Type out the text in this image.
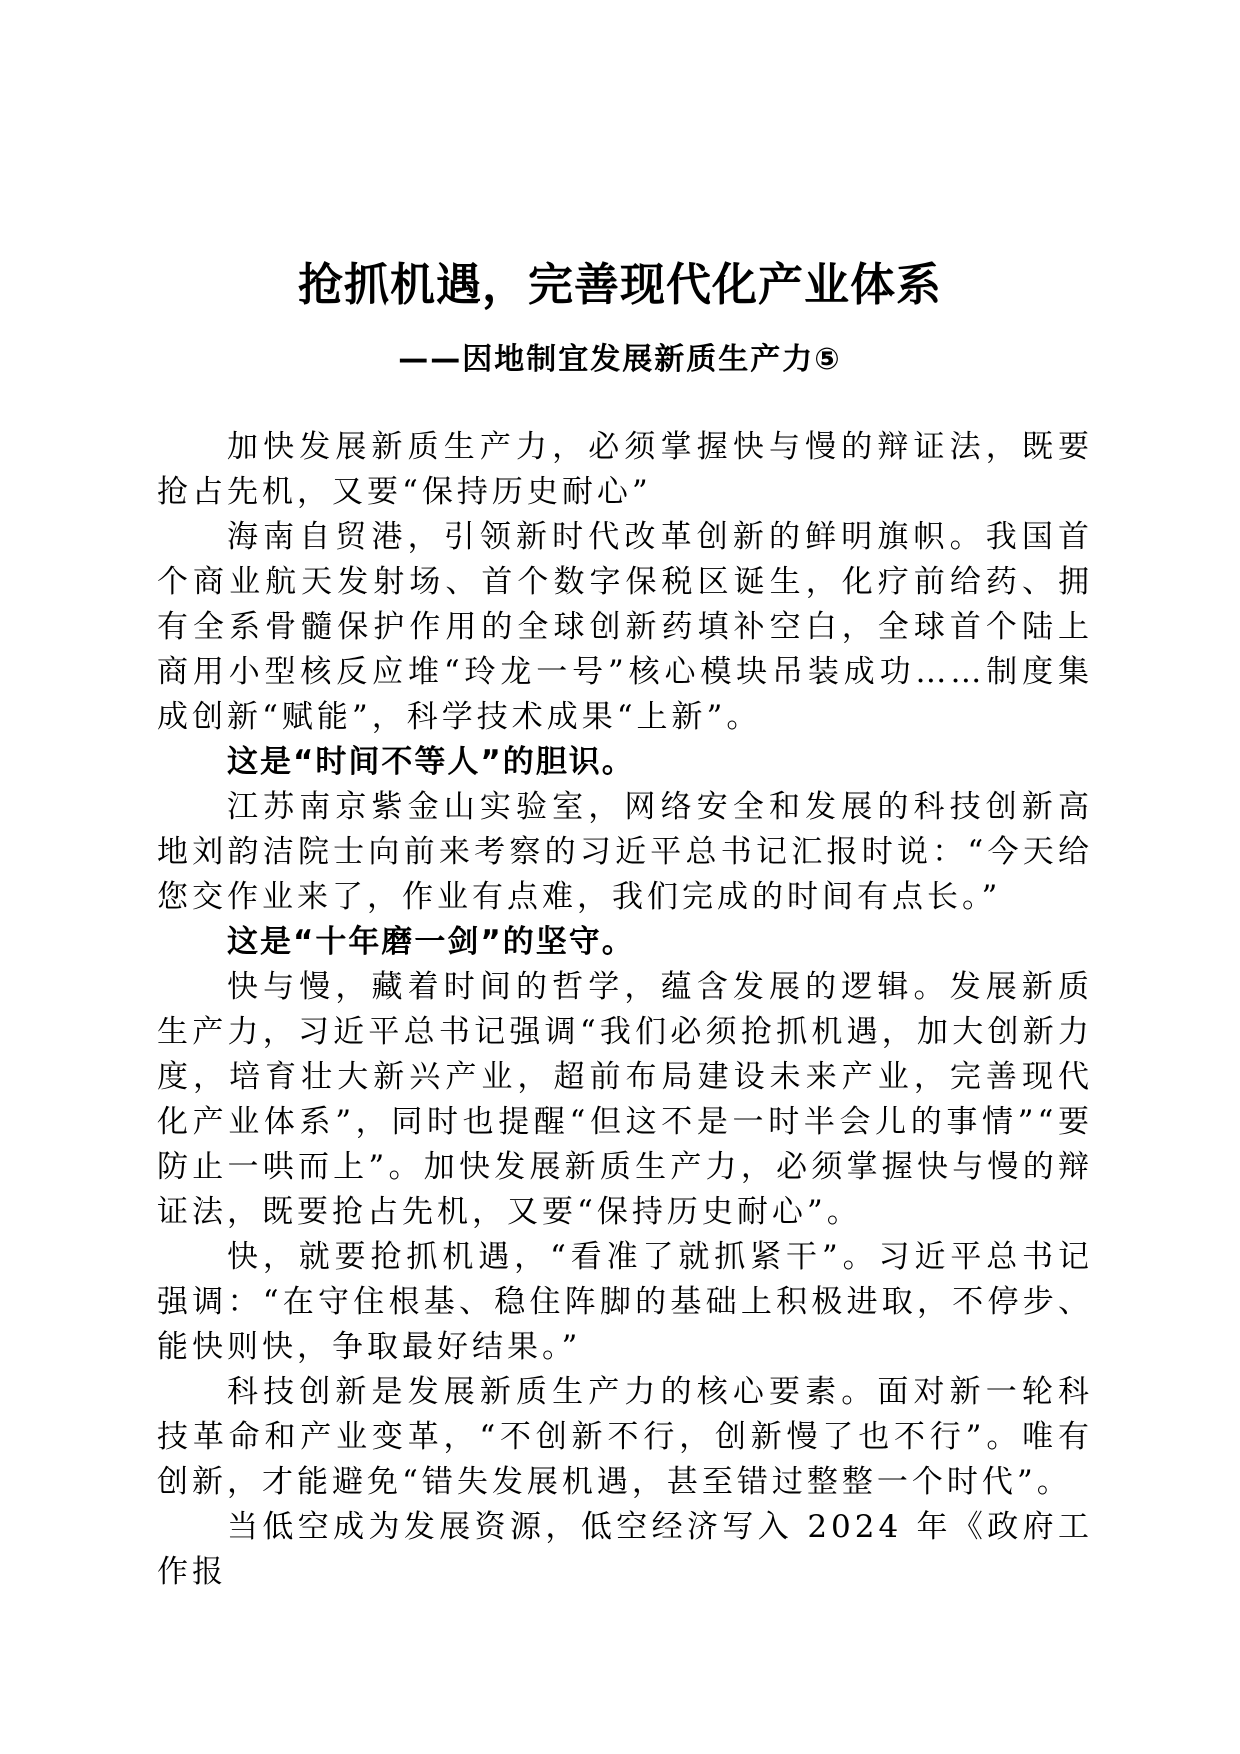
抢抓机遇，完善现代化产业体系
——因地制宜发展新质生产力⑤

加快发展新质生产力，必须掌握快与慢的辩证法，既要抢占先机，又要“保持历史耐心”

海南自贸港，引领新时代改革创新的鲜明旗帜。我国首个商业航天发射场、首个数字保税区诞生，化疗前给药、拥有全系骨髓保护作用的全球创新药填补空白，全球首个陆上商用小型核反应堆“玲龙一号”核心模块吊装成功……制度集成创新“赋能”，科学技术成果“上新”。

这是“时间不等人”的胆识。

江苏南京紫金山实验室，网络安全和发展的科技创新高地刘韵洁院士向前来考察的习近平总书记汇报时说：“今天给您交作业来了，作业有点难，我们完成的时间有点长。”

这是“十年磨一剑”的坚守。

快与慢，藏着时间的哲学，蕴含发展的逻辑。发展新质生产力，习近平总书记强调“我们必须抢抓机遇，加大创新力度，培育壮大新兴产业，超前布局建设未来产业，完善现代化产业体系”，同时也提醒“但这不是一时半会儿的事情”“要防止一哄而上”。加快发展新质生产力，必须掌握快与慢的辩证法，既要抢占先机，又要“保持历史耐心”。

快，就要抢抓机遇，“看准了就抓紧干”。习近平总书记强调：“在守住根基、稳住阵脚的基础上积极进取，不停步、能快则快，争取最好结果。”

科技创新是发展新质生产力的核心要素。面对新一轮科技革命和产业变革，“不创新不行，创新慢了也不行”。唯有创新，才能避免“错失发展机遇，甚至错过整整一个时代”。

当低空成为发展资源，低空经济写入 2024 年《政府工作报
